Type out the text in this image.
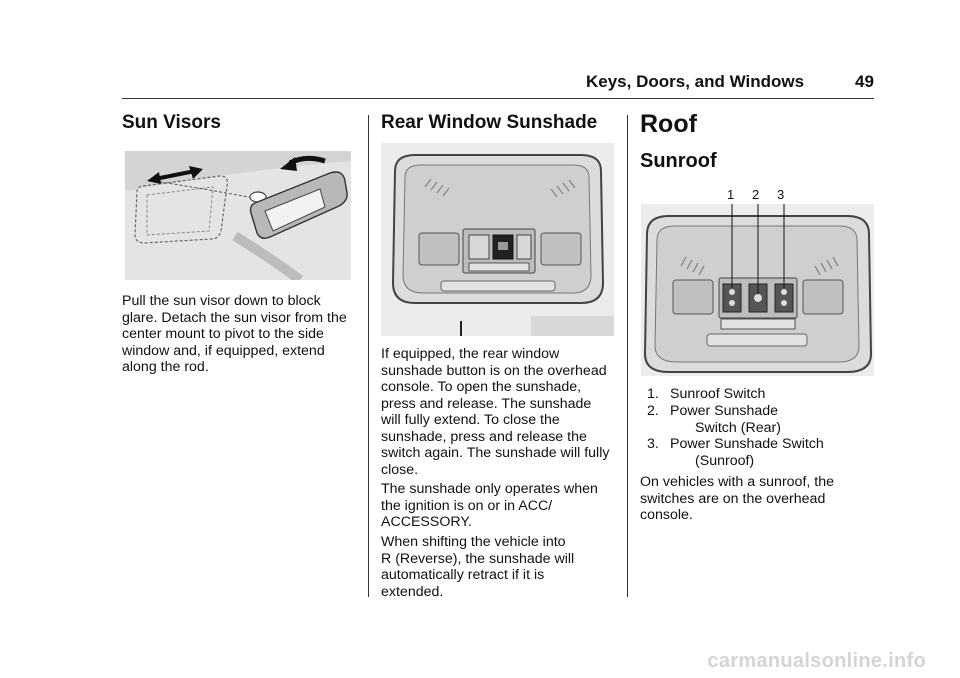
Keys, Doors, and Windows	49
Sun Visors
Pull the sun visor down to block
glare. Detach the sun visor from the
center mount to pivot to the side
window and, if equipped, extend
along the rod.
Rear Window Sunshade
If equipped, the rear window
sunshade button is on the overhead
console. To open the sunshade,
press and release. The sunshade
will fully extend. To close the
sunshade, press and release the
switch again. The sunshade will fully
close.
The sunshade only operates when
the ignition is on or in ACC/
ACCESSORY.
When shifting the vehicle into
R (Reverse), the sunshade will
automatically retract if it is
extended.
Roof
Sunroof
1 2 3
1. Sunroof Switch
2. Power Sunshade
Switch (Rear)
3. Power Sunshade Switch
(Sunroof)
On vehicles with a sunroof, the
switches are on the overhead
console.
carmanualsonline.info
